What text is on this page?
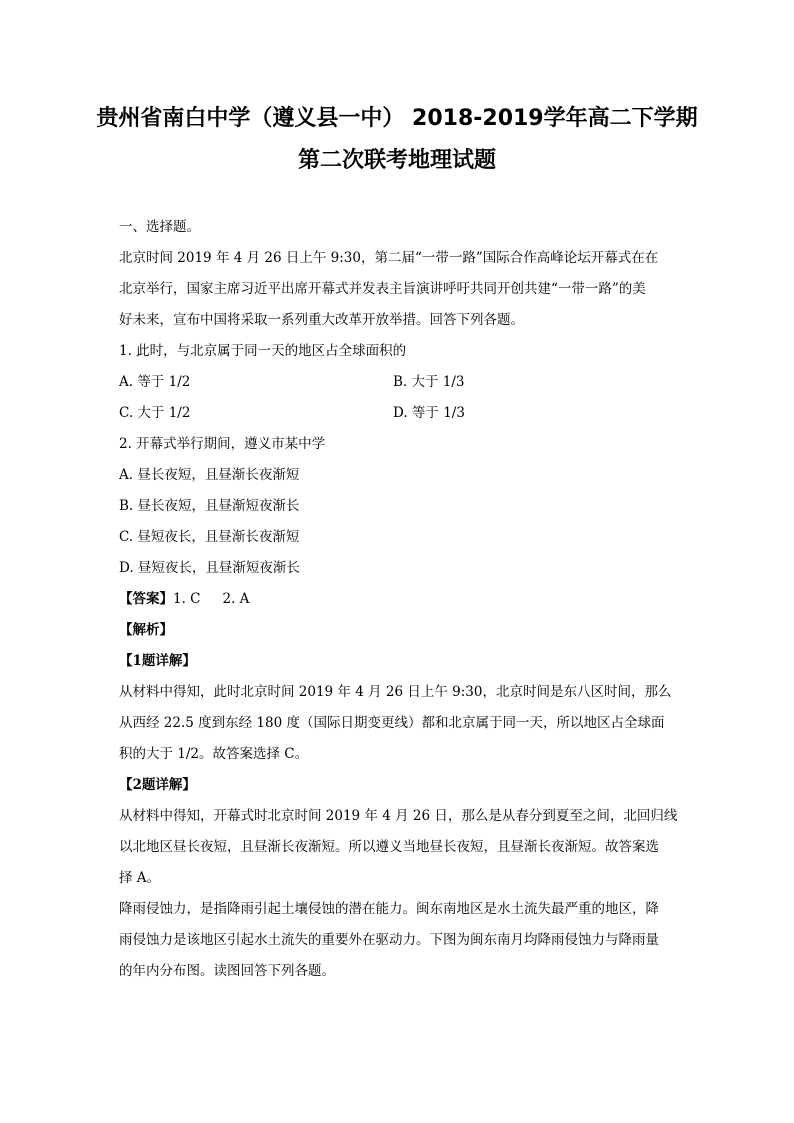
贵州省南白中学（遵义县一中） 2018-2019学年高二下学期
第二次联考地理试题
一、选择题。
北京时间 2019 年 4 月 26 日上午 9:30，第二届“一带一路”国际合作高峰论坛开幕式在在
北京举行，国家主席习近平出席开幕式并发表主旨演讲呼吁共同开创共建“一带一路”的美
好未来，宣布中国将采取一系列重大改革开放举措。回答下列各题。
1. 此时，与北京属于同一天的地区占全球面积的
A. 等于 1/2	B. 大于 1/3
C. 大于 1/2	D. 等于 1/3
2. 开幕式举行期间，遵义市某中学
A. 昼长夜短，且昼渐长夜渐短
B. 昼长夜短，且昼渐短夜渐长
C. 昼短夜长，且昼渐长夜渐短
D. 昼短夜长，且昼渐短夜渐长
【答案】1. C 2. A
【解析】
【1题详解】
从材料中得知，此时北京时间 2019 年 4 月 26 日上午 9:30，北京时间是东八区时间，那么
从西经 22.5 度到东经 180 度（国际日期变更线）都和北京属于同一天，所以地区占全球面
积的大于 1/2。故答案选择 C。
【2题详解】
从材料中得知，开幕式时北京时间 2019 年 4 月 26 日，那么是从春分到夏至之间，北回归线
以北地区昼长夜短，且昼渐长夜渐短。所以遵义当地昼长夜短，且昼渐长夜渐短。故答案选
择 A。
降雨侵蚀力，是指降雨引起土壤侵蚀的潜在能力。闽东南地区是水土流失最严重的地区，降
雨侵蚀力是该地区引起水土流失的重要外在驱动力。下图为闽东南月均降雨侵蚀力与降雨量
的年内分布图。读图回答下列各题。
